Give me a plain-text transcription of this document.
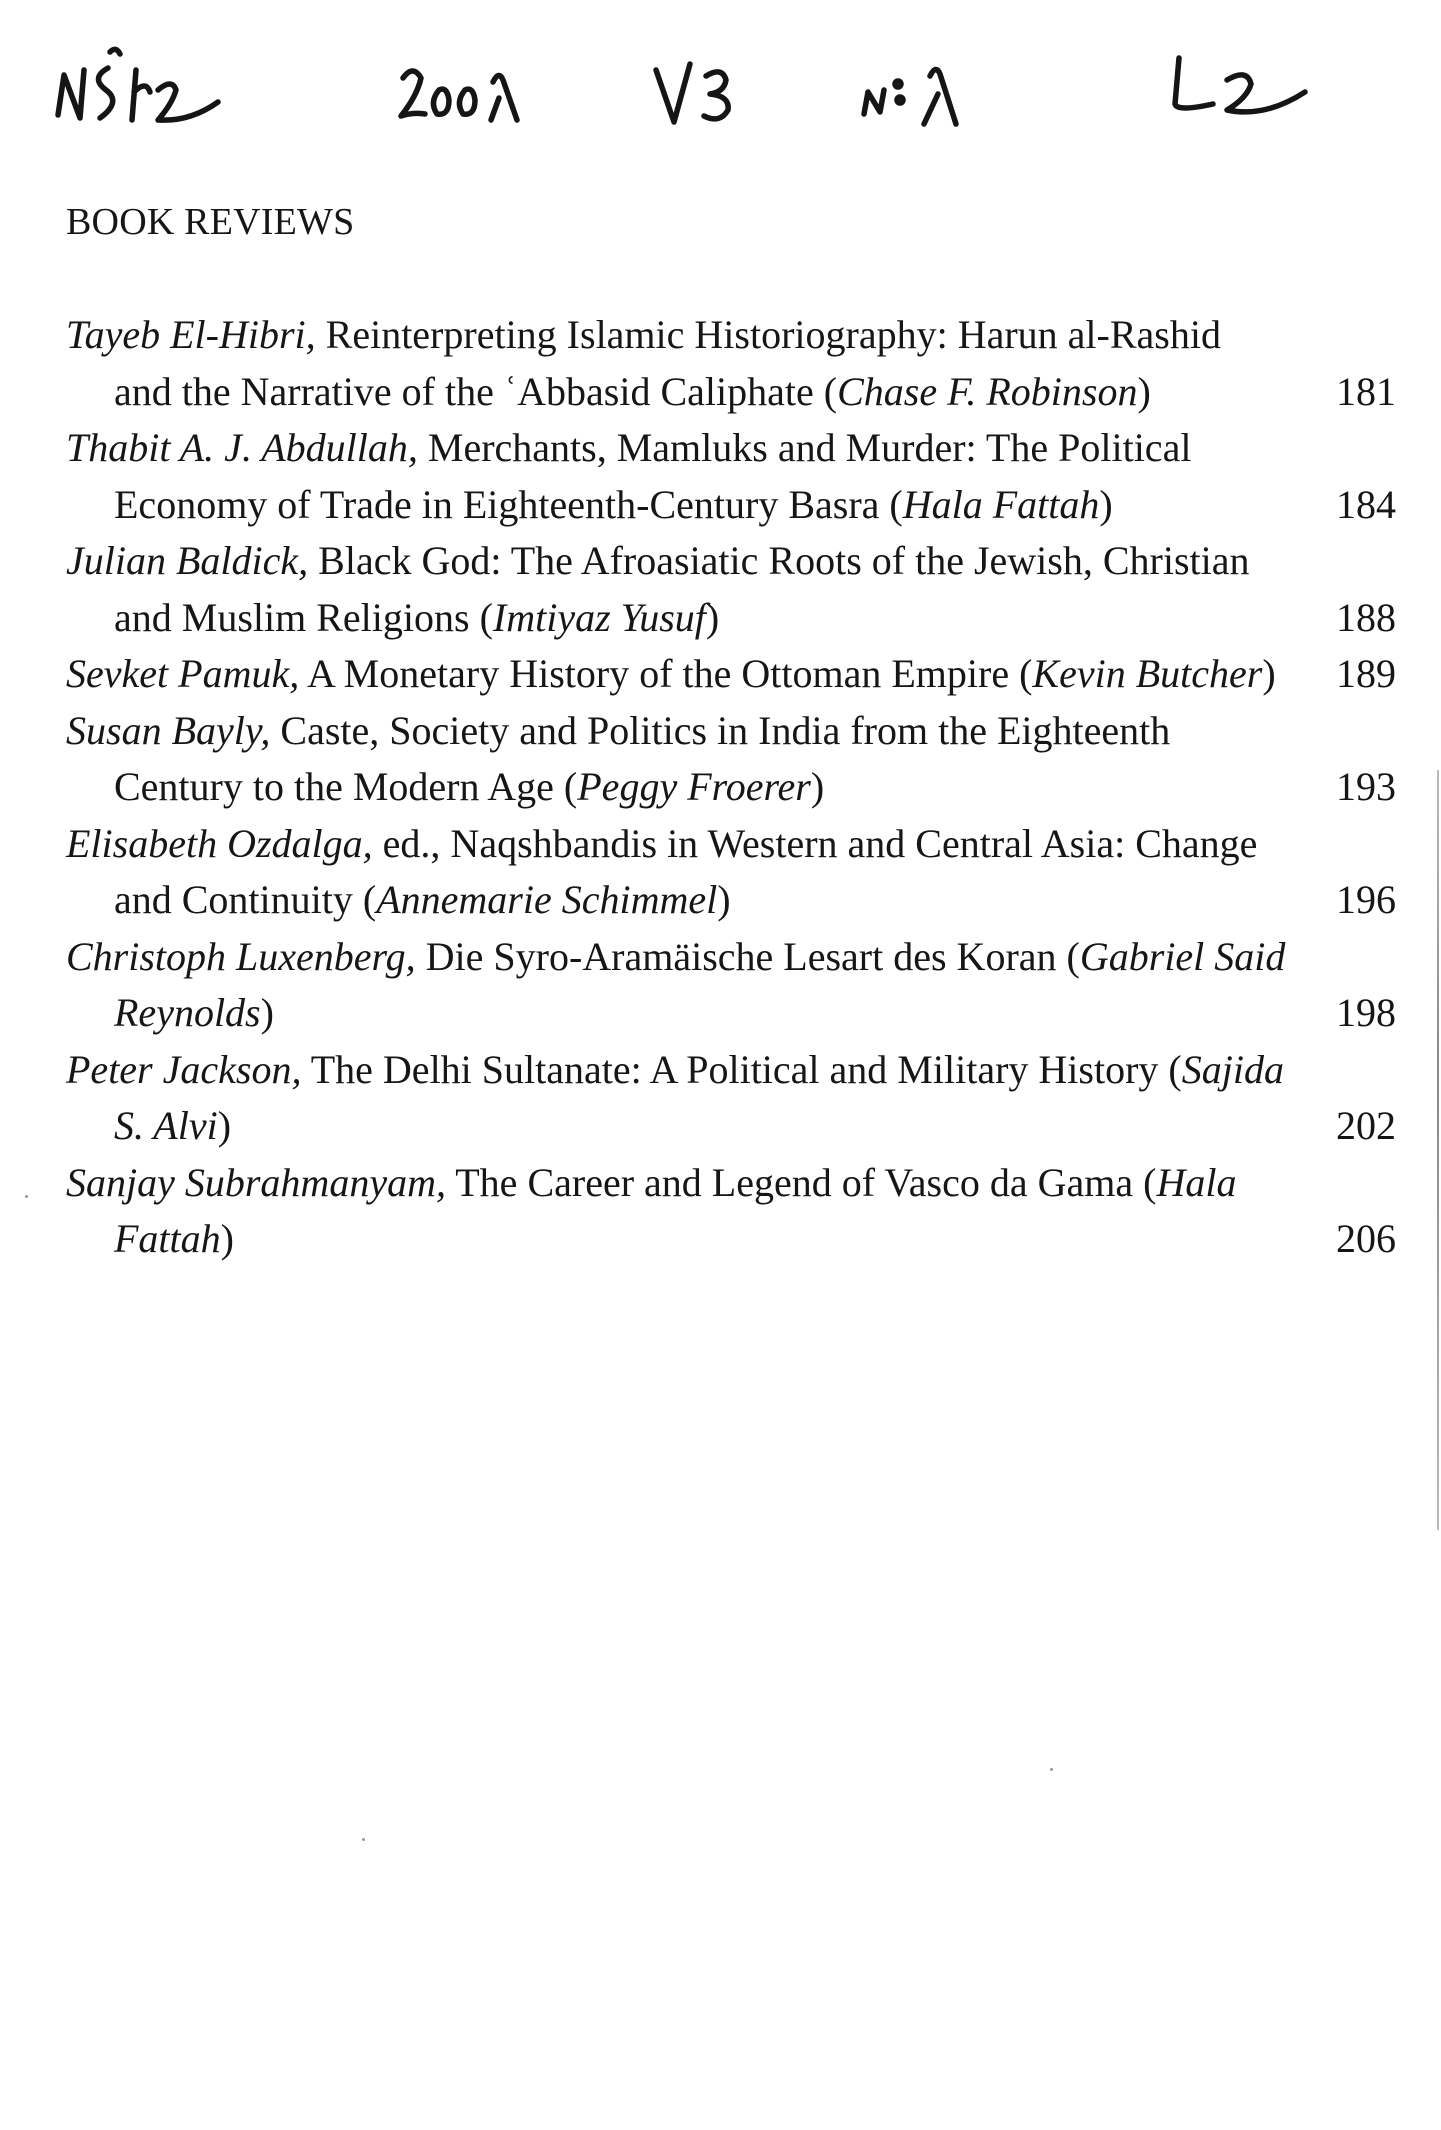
BOOK REVIEWS
Tayeb El-Hibri, Reinterpreting Islamic Historiography: Harun al-Rashid and the Narrative of the ʿAbbasid Caliphate (Chase F. Robinson)	181
Thabit A. J. Abdullah, Merchants, Mamluks and Murder: The Political Economy of Trade in Eighteenth-Century Basra (Hala Fattah)	184
Julian Baldick, Black God: The Afroasiatic Roots of the Jewish, Christian and Muslim Religions (Imtiyaz Yusuf)	188
Sevket Pamuk, A Monetary History of the Ottoman Empire (Kevin Butcher)	189
Susan Bayly, Caste, Society and Politics in India from the Eighteenth Century to the Modern Age (Peggy Froerer)	193
Elisabeth Ozdalga, ed., Naqshbandis in Western and Central Asia: Change and Continuity (Annemarie Schimmel)	196
Christoph Luxenberg, Die Syro-Aramäische Lesart des Koran (Gabriel Said Reynolds)	198
Peter Jackson, The Delhi Sultanate: A Political and Military History (Sajida S. Alvi)	202
Sanjay Subrahmanyam, The Career and Legend of Vasco da Gama (Hala Fattah)	206
